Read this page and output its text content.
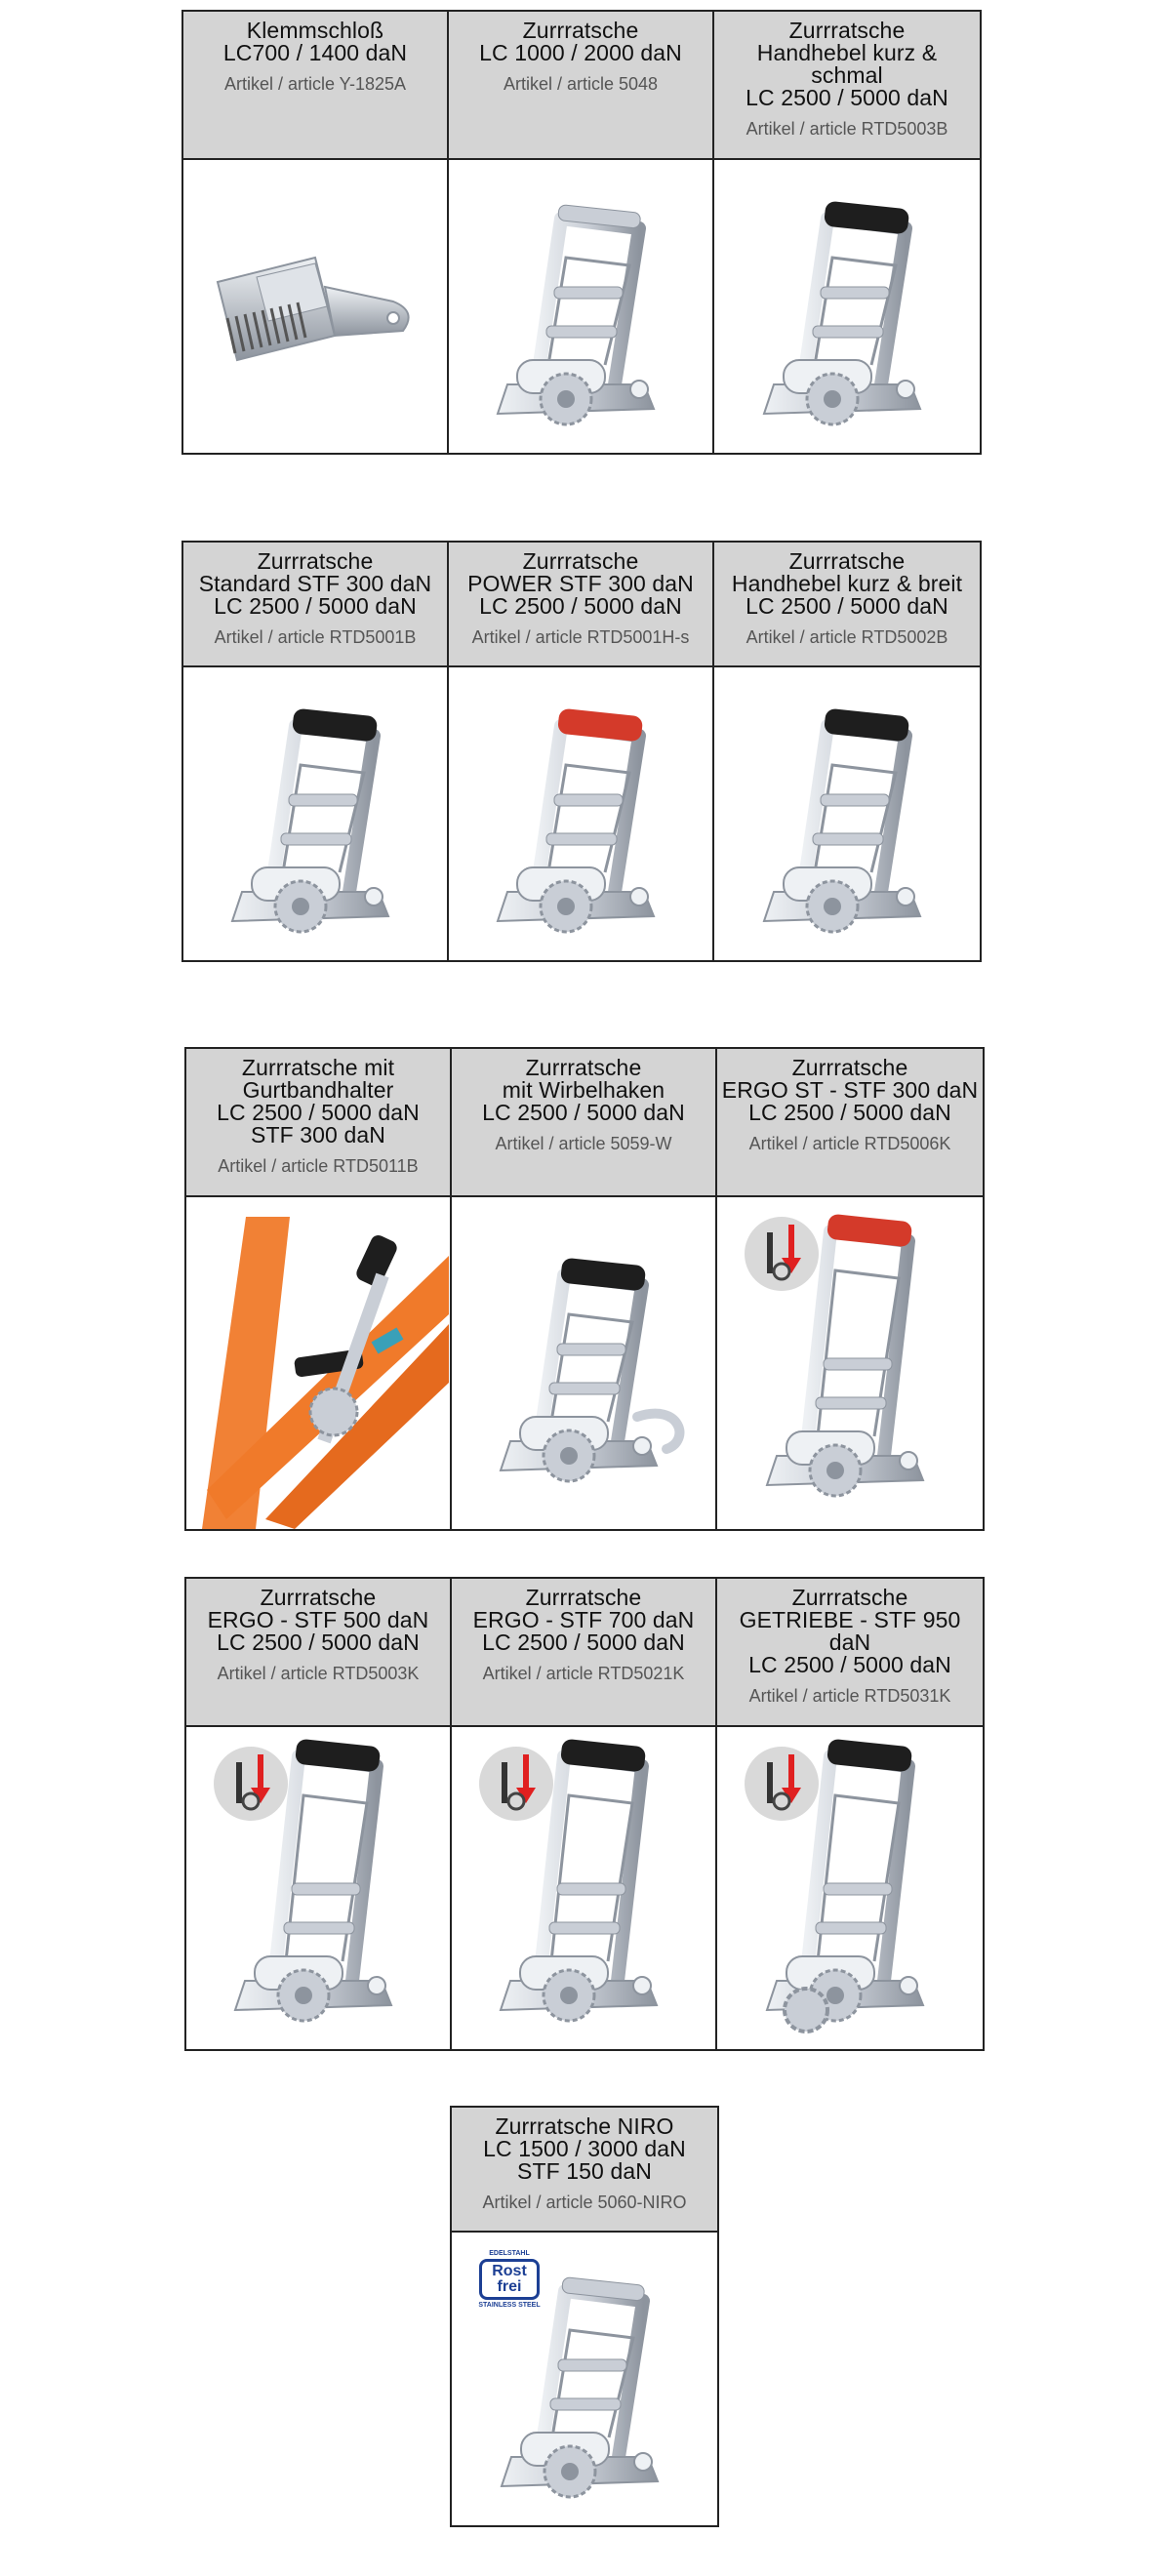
Klemmschloß
LC700 / 1400 daN
Artikel / article Y-1825A
Zurrratsche
LC 1000 / 2000 daN
Artikel / article 5048
Zurrratsche
Handhebel kurz &
schmal
LC 2500 / 5000 daN
Artikel / article RTD5003B
Zurrratsche
Standard STF 300 daN
LC 2500 / 5000 daN
Artikel / article RTD5001B
Zurrratsche
POWER STF 300 daN
LC 2500 / 5000 daN
Artikel / article RTD5001H-s
Zurrratsche
Handhebel kurz & breit
LC 2500 / 5000 daN
Artikel / article RTD5002B
Zurrratsche mit
Gurtbandhalter
LC 2500 / 5000 daN
STF 300 daN
Artikel / article RTD5011B
Zurrratsche
mit Wirbelhaken
LC 2500 / 5000 daN
Artikel / article 5059-W
Zurrratsche
ERGO ST - STF 300 daN
LC 2500 / 5000 daN
Artikel / article RTD5006K
Zurrratsche
ERGO - STF 500 daN
LC 2500 / 5000 daN
Artikel / article RTD5003K
Zurrratsche
ERGO - STF 700 daN
LC 2500 / 5000 daN
Artikel / article RTD5021K
Zurrratsche
GETRIEBE - STF 950
daN
LC 2500 / 5000 daN
Artikel / article RTD5031K
Zurrratsche NIRO
LC 1500 / 3000 daN
STF 150 daN
Artikel / article 5060-NIRO
EDELSTAHL
Rost frei
STAINLESS STEEL
